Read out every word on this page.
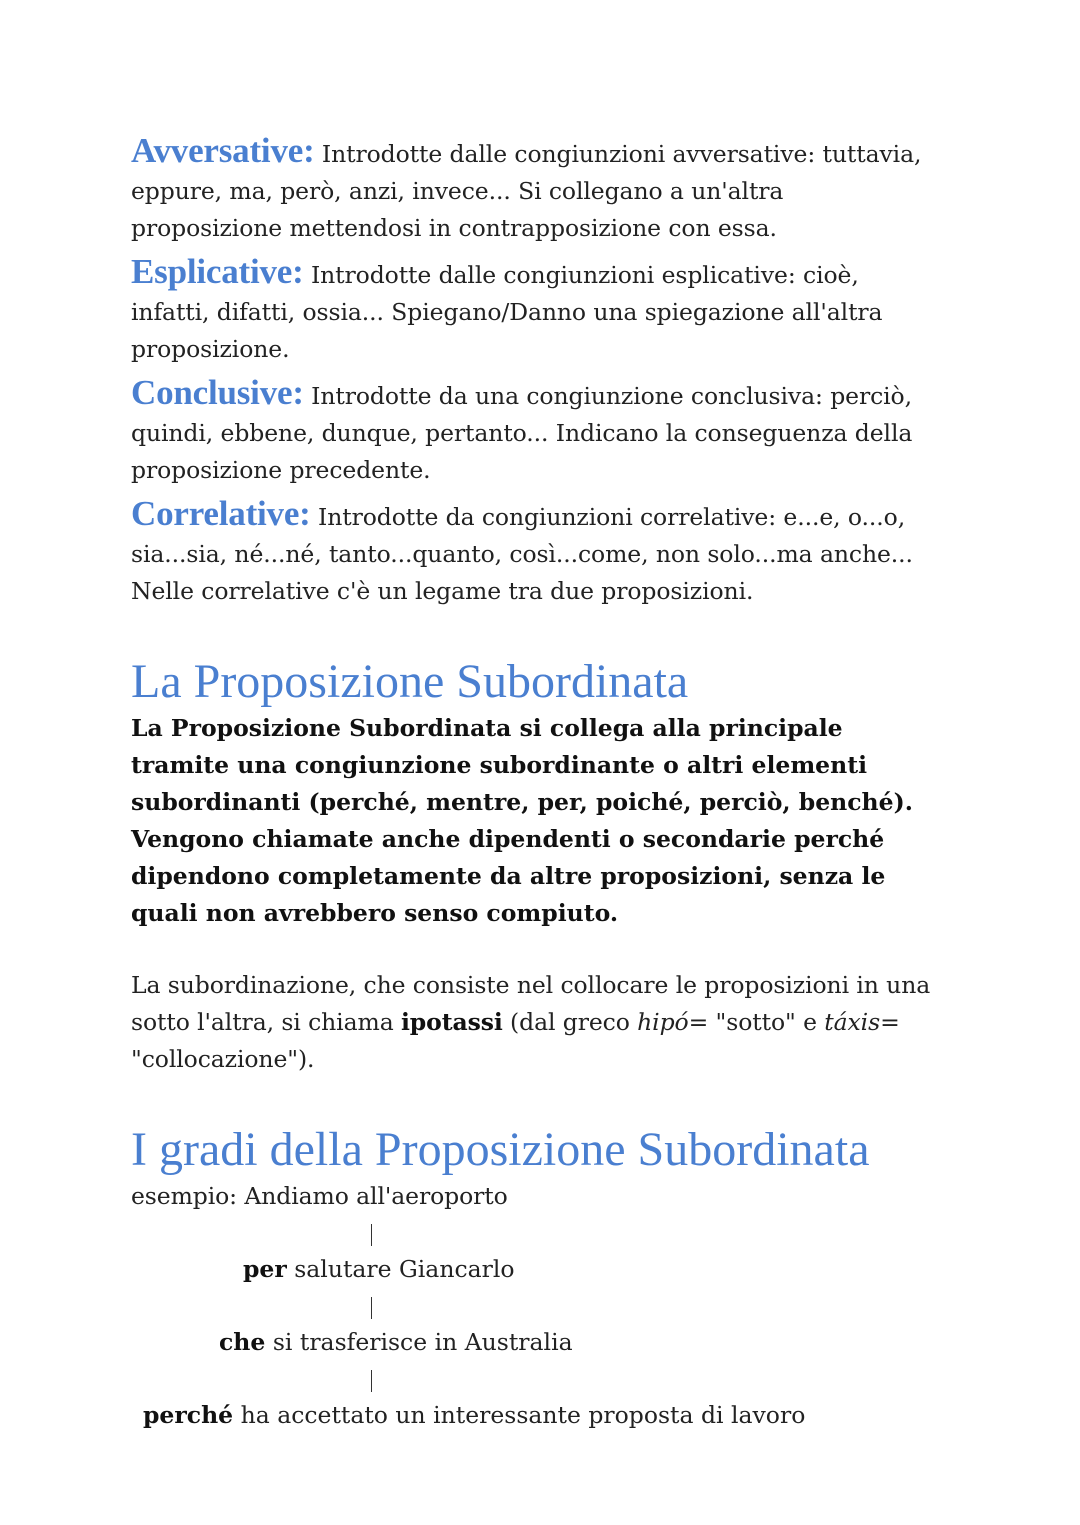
Avversative: Introdotte dalle congiunzioni avversative: tuttavia, eppure, ma, però, anzi, invece... Si collegano a un'altra proposizione mettendosi in contrapposizione con essa.

Esplicative: Introdotte dalle congiunzioni esplicative: cioè, infatti, difatti, ossia... Spiegano/Danno una spiegazione all'altra proposizione.

Conclusive: Introdotte da una congiunzione conclusiva: perciò, quindi, ebbene, dunque, pertanto... Indicano la conseguenza della proposizione precedente.

Correlative: Introdotte da congiunzioni correlative: e...e, o...o, sia...sia, né...né, tanto...quanto, così...come, non solo...ma anche... Nelle correlative c'è un legame tra due proposizioni.

La Proposizione Subordinata

La Proposizione Subordinata si collega alla principale tramite una congiunzione subordinante o altri elementi subordinanti (perché, mentre, per, poiché, perciò, benché). Vengono chiamate anche dipendenti o secondarie perché dipendono completamente da altre proposizioni, senza le quali non avrebbero senso compiuto.

La subordinazione, che consiste nel collocare le proposizioni in una sotto l'altra, si chiama ipotassi (dal greco hipó= "sotto" e táxis= "collocazione").

I gradi della Proposizione Subordinata

esempio: Andiamo all'aeroporto

per salutare Giancarlo
che si trasferisce in Australia
perché ha accettato un interessante proposta di lavoro
